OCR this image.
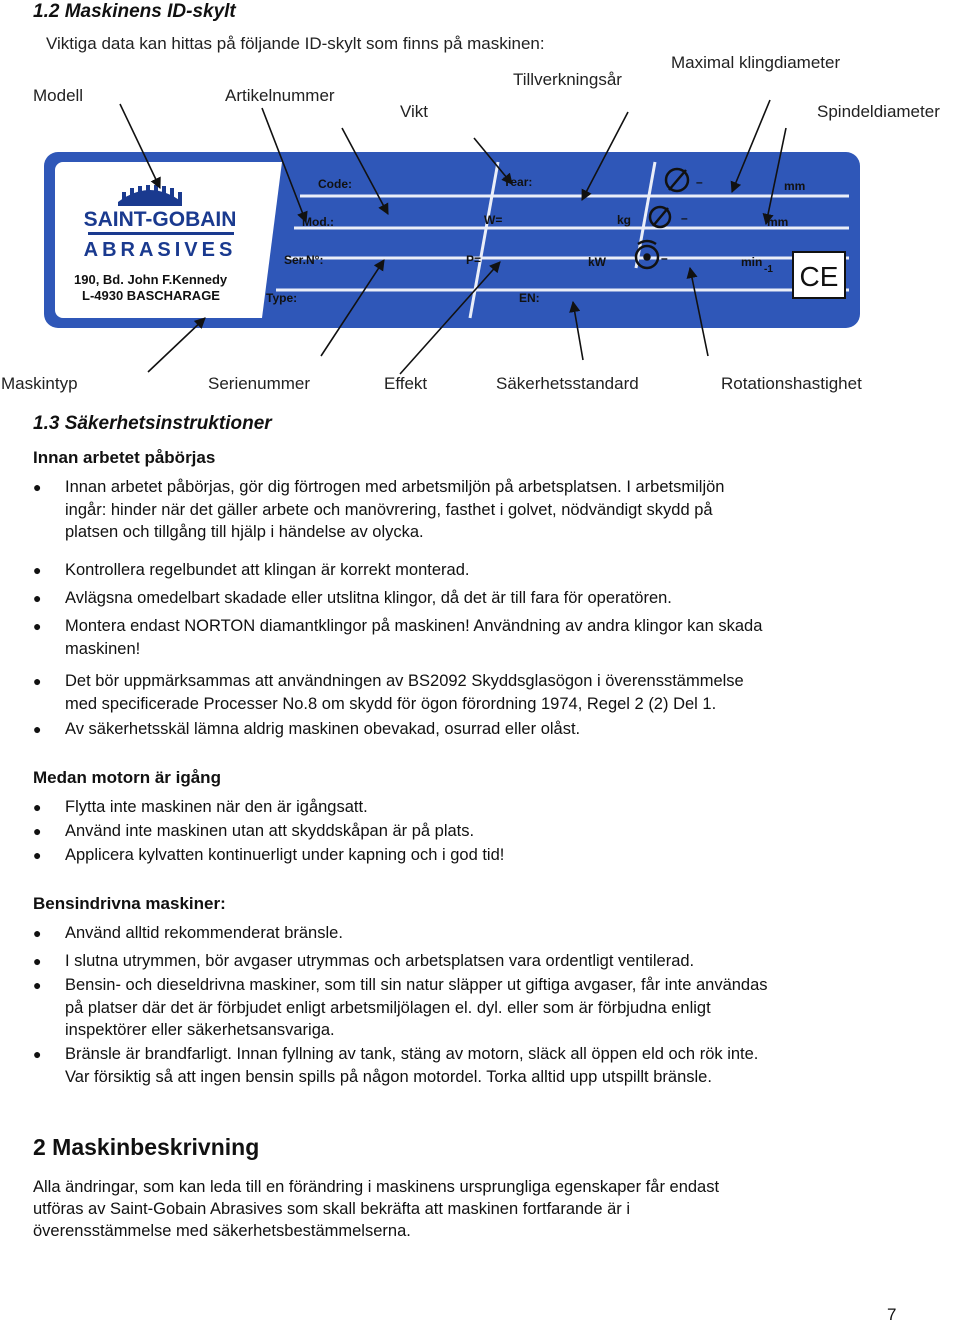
1.2 Maskinens ID-skylt
Viktiga data kan hittas på följande ID-skylt som finns på maskinen:
Modell	Artikelnummer
Vikt
Tillverkningsår
Maximal klingdiameter
Spindeldiameter
SAINT-GOBAIN
ABRASIVES
190, Bd. John F.Kennedy
L-4930 BASCHARAGE
Code:
Mod.:
Ser.N°:
Type:
Year:
W=	kg
P=	kW
EN:
–
–
–
mm
mm
min
-1 CE
Maskintyp	Serienummer	Effekt	Säkerhetsstandard	Rotationshastighet
1.3 Säkerhetsinstruktioner
Innan arbetet påbörjas
● Innan arbetet påbörjas, gör dig förtrogen med arbetsmiljön på arbetsplatsen. I arbetsmiljön
ingår: hinder när det gäller arbete och manövrering, fasthet i golvet, nödvändigt skydd på
platsen och tillgång till hjälp i händelse av olycka.
● Kontrollera regelbundet att klingan är korrekt monterad.
● Avlägsna omedelbart skadade eller utslitna klingor, då det är till fara för operatören.
● Montera endast NORTON diamantklingor på maskinen! Användning av andra klingor kan skada
maskinen!
● Det bör uppmärksammas att användningen av BS2092 Skyddsglasögon i överensstämmelse
med specificerade Processer No.8 om skydd för ögon förordning 1974, Regel 2 (2) Del 1.
● Av säkerhetsskäl lämna aldrig maskinen obevakad, osurrad eller olåst.
Medan motorn är igång
● Flytta inte maskinen när den är igångsatt.
● Använd inte maskinen utan att skyddskåpan är på plats.
● Applicera kylvatten kontinuerligt under kapning och i god tid!
Bensindrivna maskiner:
● Använd alltid rekommenderat bränsle.
● I slutna utrymmen, bör avgaser utrymmas och arbetsplatsen vara ordentligt ventilerad.
● Bensin- och dieseldrivna maskiner, som till sin natur släpper ut giftiga avgaser, får inte användas
på platser där det är förbjudet enligt arbetsmiljölagen el. dyl. eller som är förbjudna enligt
inspektörer eller säkerhetsansvariga.
● Bränsle är brandfarligt. Innan fyllning av tank, stäng av motorn, släck all öppen eld och rök inte.
Var försiktig så att ingen bensin spills på någon motordel. Torka alltid upp utspillt bränsle.
2 Maskinbeskrivning
Alla ändringar, som kan leda till en förändring i maskinens ursprungliga egenskaper får endast
utföras av Saint-Gobain Abrasives som skall bekräfta att maskinen fortfarande är i
överensstämmelse med säkerhetsbestämmelserna.
7
